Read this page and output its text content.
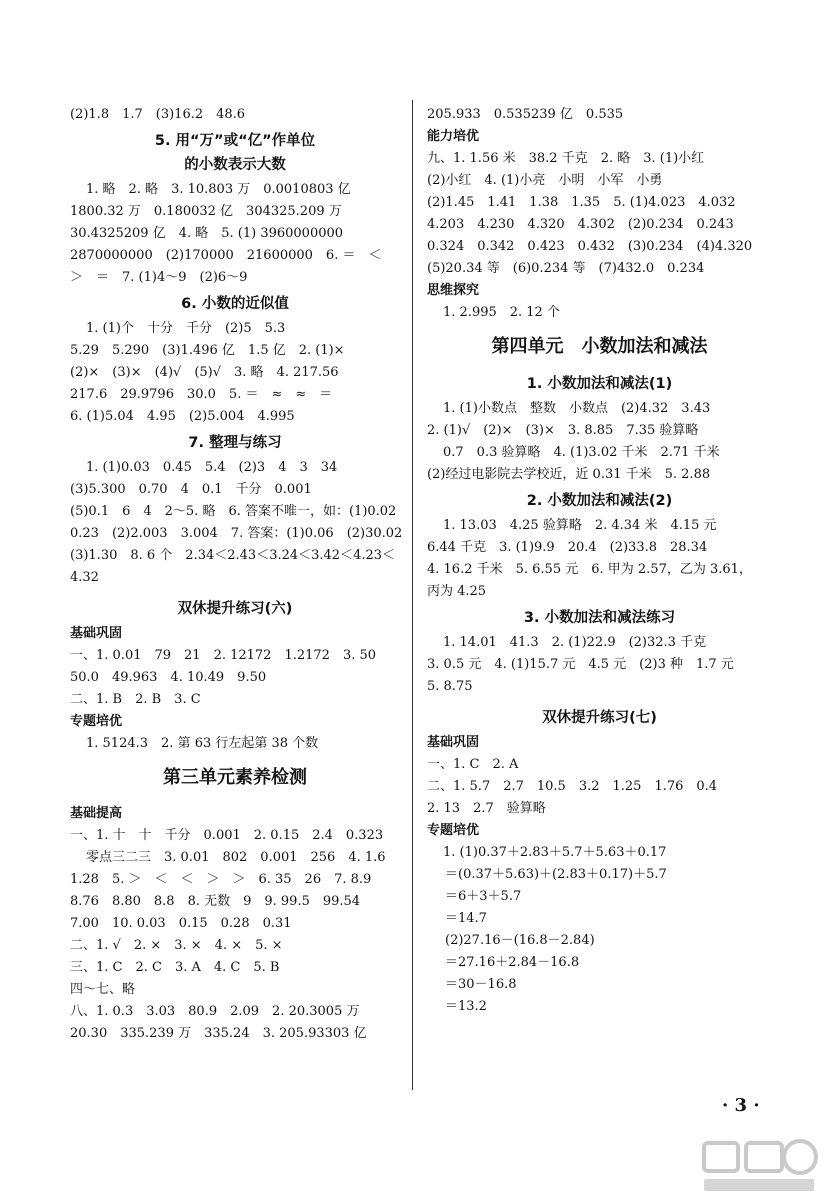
(2)1.8　1.7　(3)16.2　48.6
5. 用“万”或“亿”作单位
的小数表示大数
1. 略　2. 略　3. 10.803 万　0.0010803 亿
1800.32 万　0.180032 亿　304325.209 万
30.4325209 亿　4. 略　5. (1) 3960000000
2870000000　(2)170000　21600000　6. ＝　＜
＞　＝　7. (1)4～9　(2)6～9
6. 小数的近似值
1. (1)个　十分　千分　(2)5　5.3
5.29　5.290　(3)1.496 亿　1.5 亿　2. (1)×
(2)×　(3)×　(4)√　(5)√　3. 略　4. 217.56
217.6　29.9796　30.0　5. ＝　≈　≈　＝
6. (1)5.04　4.95　(2)5.004　4.995
7. 整理与练习
1. (1)0.03　0.45　5.4　(2)3　4　3　34
(3)5.300　0.70　4　0.1　千分　0.001
(5)0.1　6　4　2～5. 略　6. 答案不唯一，如：(1)0.02
0.23　(2)2.003　3.004　7. 答案：(1)0.06　(2)30.02
(3)1.30　8. 6 个　2.34＜2.43＜3.24＜3.42＜4.23＜
4.32
双休提升练习(六)
基础巩固
一、1. 0.01　79　21　2. 12172　1.2172　3. 50
50.0　49.963　4. 10.49　9.50
二、1. B　2. B　3. C
专题培优
1. 5124.3　2. 第 63 行左起第 38 个数
第三单元素养检测
基础提高
一、1. 十　十　千分　0.001　2. 0.15　2.4　0.323
零点三二三　3. 0.01　802　0.001　256　4. 1.6
1.28　5. ＞　＜　＜　＞　＞　6. 35　26　7. 8.9
8.76　8.80　8.8　8. 无数　9　9. 99.5　99.54
7.00　10. 0.03　0.15　0.28　0.31
二、1. √　2. ×　3. ×　4. ×　5. ×
三、1. C　2. C　3. A　4. C　5. B
四～七、略
八、1. 0.3　3.03　80.9　2.09　2. 20.3005 万
20.30　335.239 万　335.24　3. 205.93303 亿
205.933　0.535239 亿　0.535
能力培优
九、1. 1.56 米　38.2 千克　2. 略　3. (1)小红
(2)小红　4. (1)小亮　小明　小军　小勇
(2)1.45　1.41　1.38　1.35　5. (1)4.023　4.032
4.203　4.230　4.320　4.302　(2)0.234　0.243
0.324　0.342　0.423　0.432　(3)0.234　(4)4.320
(5)20.34 等　(6)0.234 等　(7)432.0　0.234
思维探究
1. 2.995　2. 12 个
第四单元　小数加法和减法
1. 小数加法和减法(1)
1. (1)小数点　整数　小数点　(2)4.32　3.43
2. (1)√　(2)×　(3)×　3. 8.85　7.35 验算略
0.7　0.3 验算略　4. (1)3.02 千米　2.71 千米
(2)经过电影院去学校近，近 0.31 千米　5. 2.88
2. 小数加法和减法(2)
1. 13.03　4.25 验算略　2. 4.34 米　4.15 元
6.44 千克　3. (1)9.9　20.4　(2)33.8　28.34
4. 16.2 千米　5. 6.55 元　6. 甲为 2.57，乙为 3.61，
丙为 4.25
3. 小数加法和减法练习
1. 14.01　41.3　2. (1)22.9　(2)32.3 千克
3. 0.5 元　4. (1)15.7 元　4.5 元　(2)3 种　1.7 元
5. 8.75
双休提升练习(七)
基础巩固
一、1. C　2. A
二、1. 5.7　2.7　10.5　3.2　1.25　1.76　0.4
2. 13　2.7　验算略
专题培优
1. (1)0.37＋2.83＋5.7＋5.63＋0.17
＝(0.37＋5.63)＋(2.83＋0.17)＋5.7
＝6＋3＋5.7
＝14.7
(2)27.16－(16.8－2.84)
＝27.16＋2.84－16.8
＝30－16.8
＝13.2
· 3 ·
